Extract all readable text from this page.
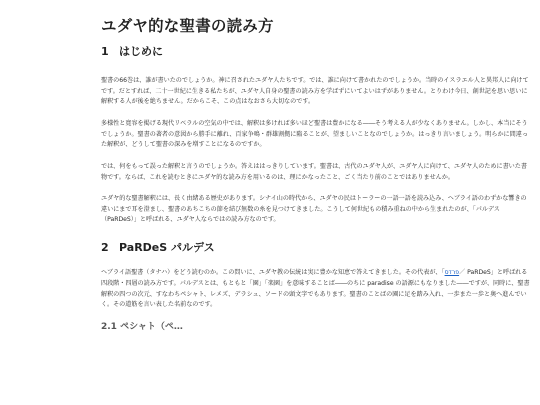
ユダヤ的な聖書の読み方
1 はじめに

聖書の66巻は、誰が書いたのでしょうか。神に召されたユダヤ人たちです。では、誰に向けて書かれたのでしょうか。当時のイスラエル人と異邦人に向けてです。だとすれば、二十一世紀に生きる私たちが、ユダヤ人自身の聖書の読み方を学ばずにいてよいはずがありません。とりわけ今日、創世記を思い思いに解釈する人が後を絶ちません。だからこそ、この点はなおさら大切なのです。

多様性と寛容を掲げる現代リベラルの空気の中では、解釈は多ければ多いほど聖書は豊かになる――そう考える人が少なくありません。しかし、本当にそうでしょうか。聖書の著者の意図から勝手に離れ、百家争鳴・群雄割拠に陥ることが、望ましいことなのでしょうか。はっきり言いましょう。明らかに間違った解釈が、どうして聖書の深みを増すことになるのですか。

では、何をもって誤った解釈と言うのでしょうか。答えははっきりしています。聖書は、古代のユダヤ人が、ユダヤ人に向けて、ユダヤ人のために書いた書物です。ならば、これを読むときにユダヤ的な読み方を用いるのは、理にかなったこと、ごく当たり前のことではありませんか。

ユダヤ的な聖書解釈には、長く由緒ある歴史があります。シナイ山の時代から、ユダヤの民はトーラーの一語一語を読み込み、ヘブライ語のわずかな響きの違いにまで耳を澄まし、聖書のあちこちの節を結び無数の糸を見つけてきました。こうして何世紀もの積み重ねの中から生まれたのが、「パルデス（PaRDeS）」と呼ばれる、ユダヤ人ならではの読み方なのです。

2 PaRDeS パルデス

ヘブライ語聖書（タナハ）をどう読むのか。この問いに、ユダヤ教の伝統は実に豊かな知恵で答えてきました。その代表が、「פרדס／ PaRDeS」と呼ばれる四段階・四層の読み方です。パルデスとは、もともと「園」「楽園」を意味することば――のちに paradise の語源にもなりました――ですが、同時に、聖書解釈の四つの次元、すなわちペシャト、レメズ、デラシュ、ソードの頭文字でもあります。聖書のことばの園に足を踏み入れ、一歩また一歩と奥へ進んでいく。その道筋を言い表した名前なのです。

2.1 ペシャト（ペ…
